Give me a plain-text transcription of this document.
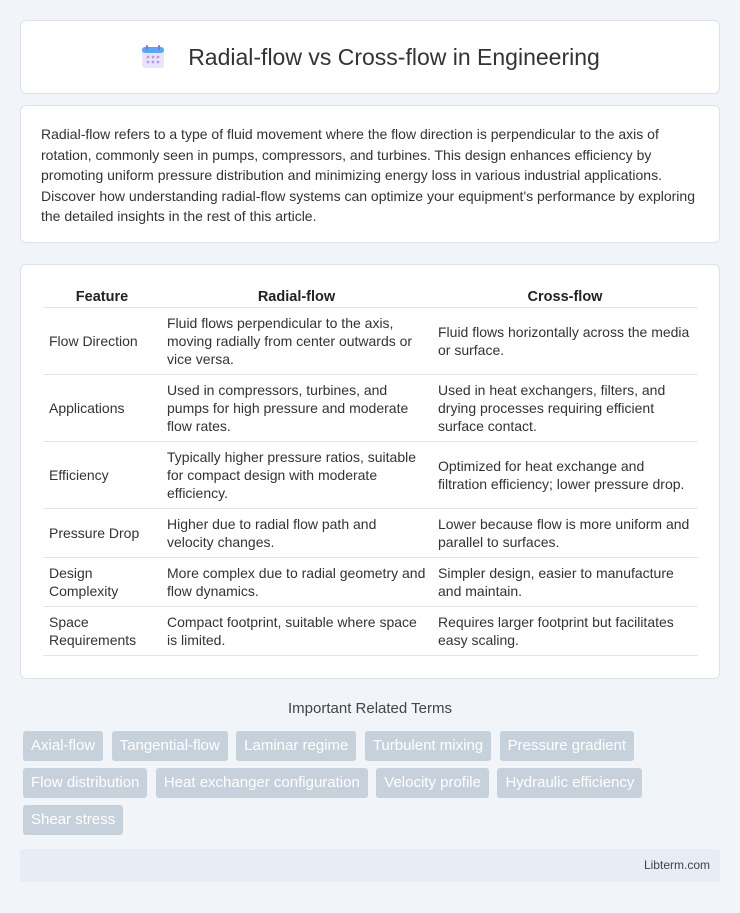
Radial-flow vs Cross-flow in Engineering

Radial-flow refers to a type of fluid movement where the flow direction is perpendicular to the axis of rotation, commonly seen in pumps, compressors, and turbines. This design enhances efficiency by promoting uniform pressure distribution and minimizing energy loss in various industrial applications. Discover how understanding radial-flow systems can optimize your equipment's performance by exploring the detailed insights in the rest of this article.

Feature	Radial-flow	Cross-flow
Flow Direction	Fluid flows perpendicular to the axis, moving radially from center outwards or vice versa.	Fluid flows horizontally across the media or surface.
Applications	Used in compressors, turbines, and pumps for high pressure and moderate flow rates.	Used in heat exchangers, filters, and drying processes requiring efficient surface contact.
Efficiency	Typically higher pressure ratios, suitable for compact design with moderate efficiency.	Optimized for heat exchange and filtration efficiency; lower pressure drop.
Pressure Drop	Higher due to radial flow path and velocity changes.	Lower because flow is more uniform and parallel to surfaces.
Design Complexity	More complex due to radial geometry and flow dynamics.	Simpler design, easier to manufacture and maintain.
Space Requirements	Compact footprint, suitable where space is limited.	Requires larger footprint but facilitates easy scaling.
Important Related Terms
Axial-flow Tangential-flow Laminar regime Turbulent mixing Pressure gradient Flow distribution Heat exchanger configuration Velocity profile Hydraulic efficiency Shear stress
Libterm.com
